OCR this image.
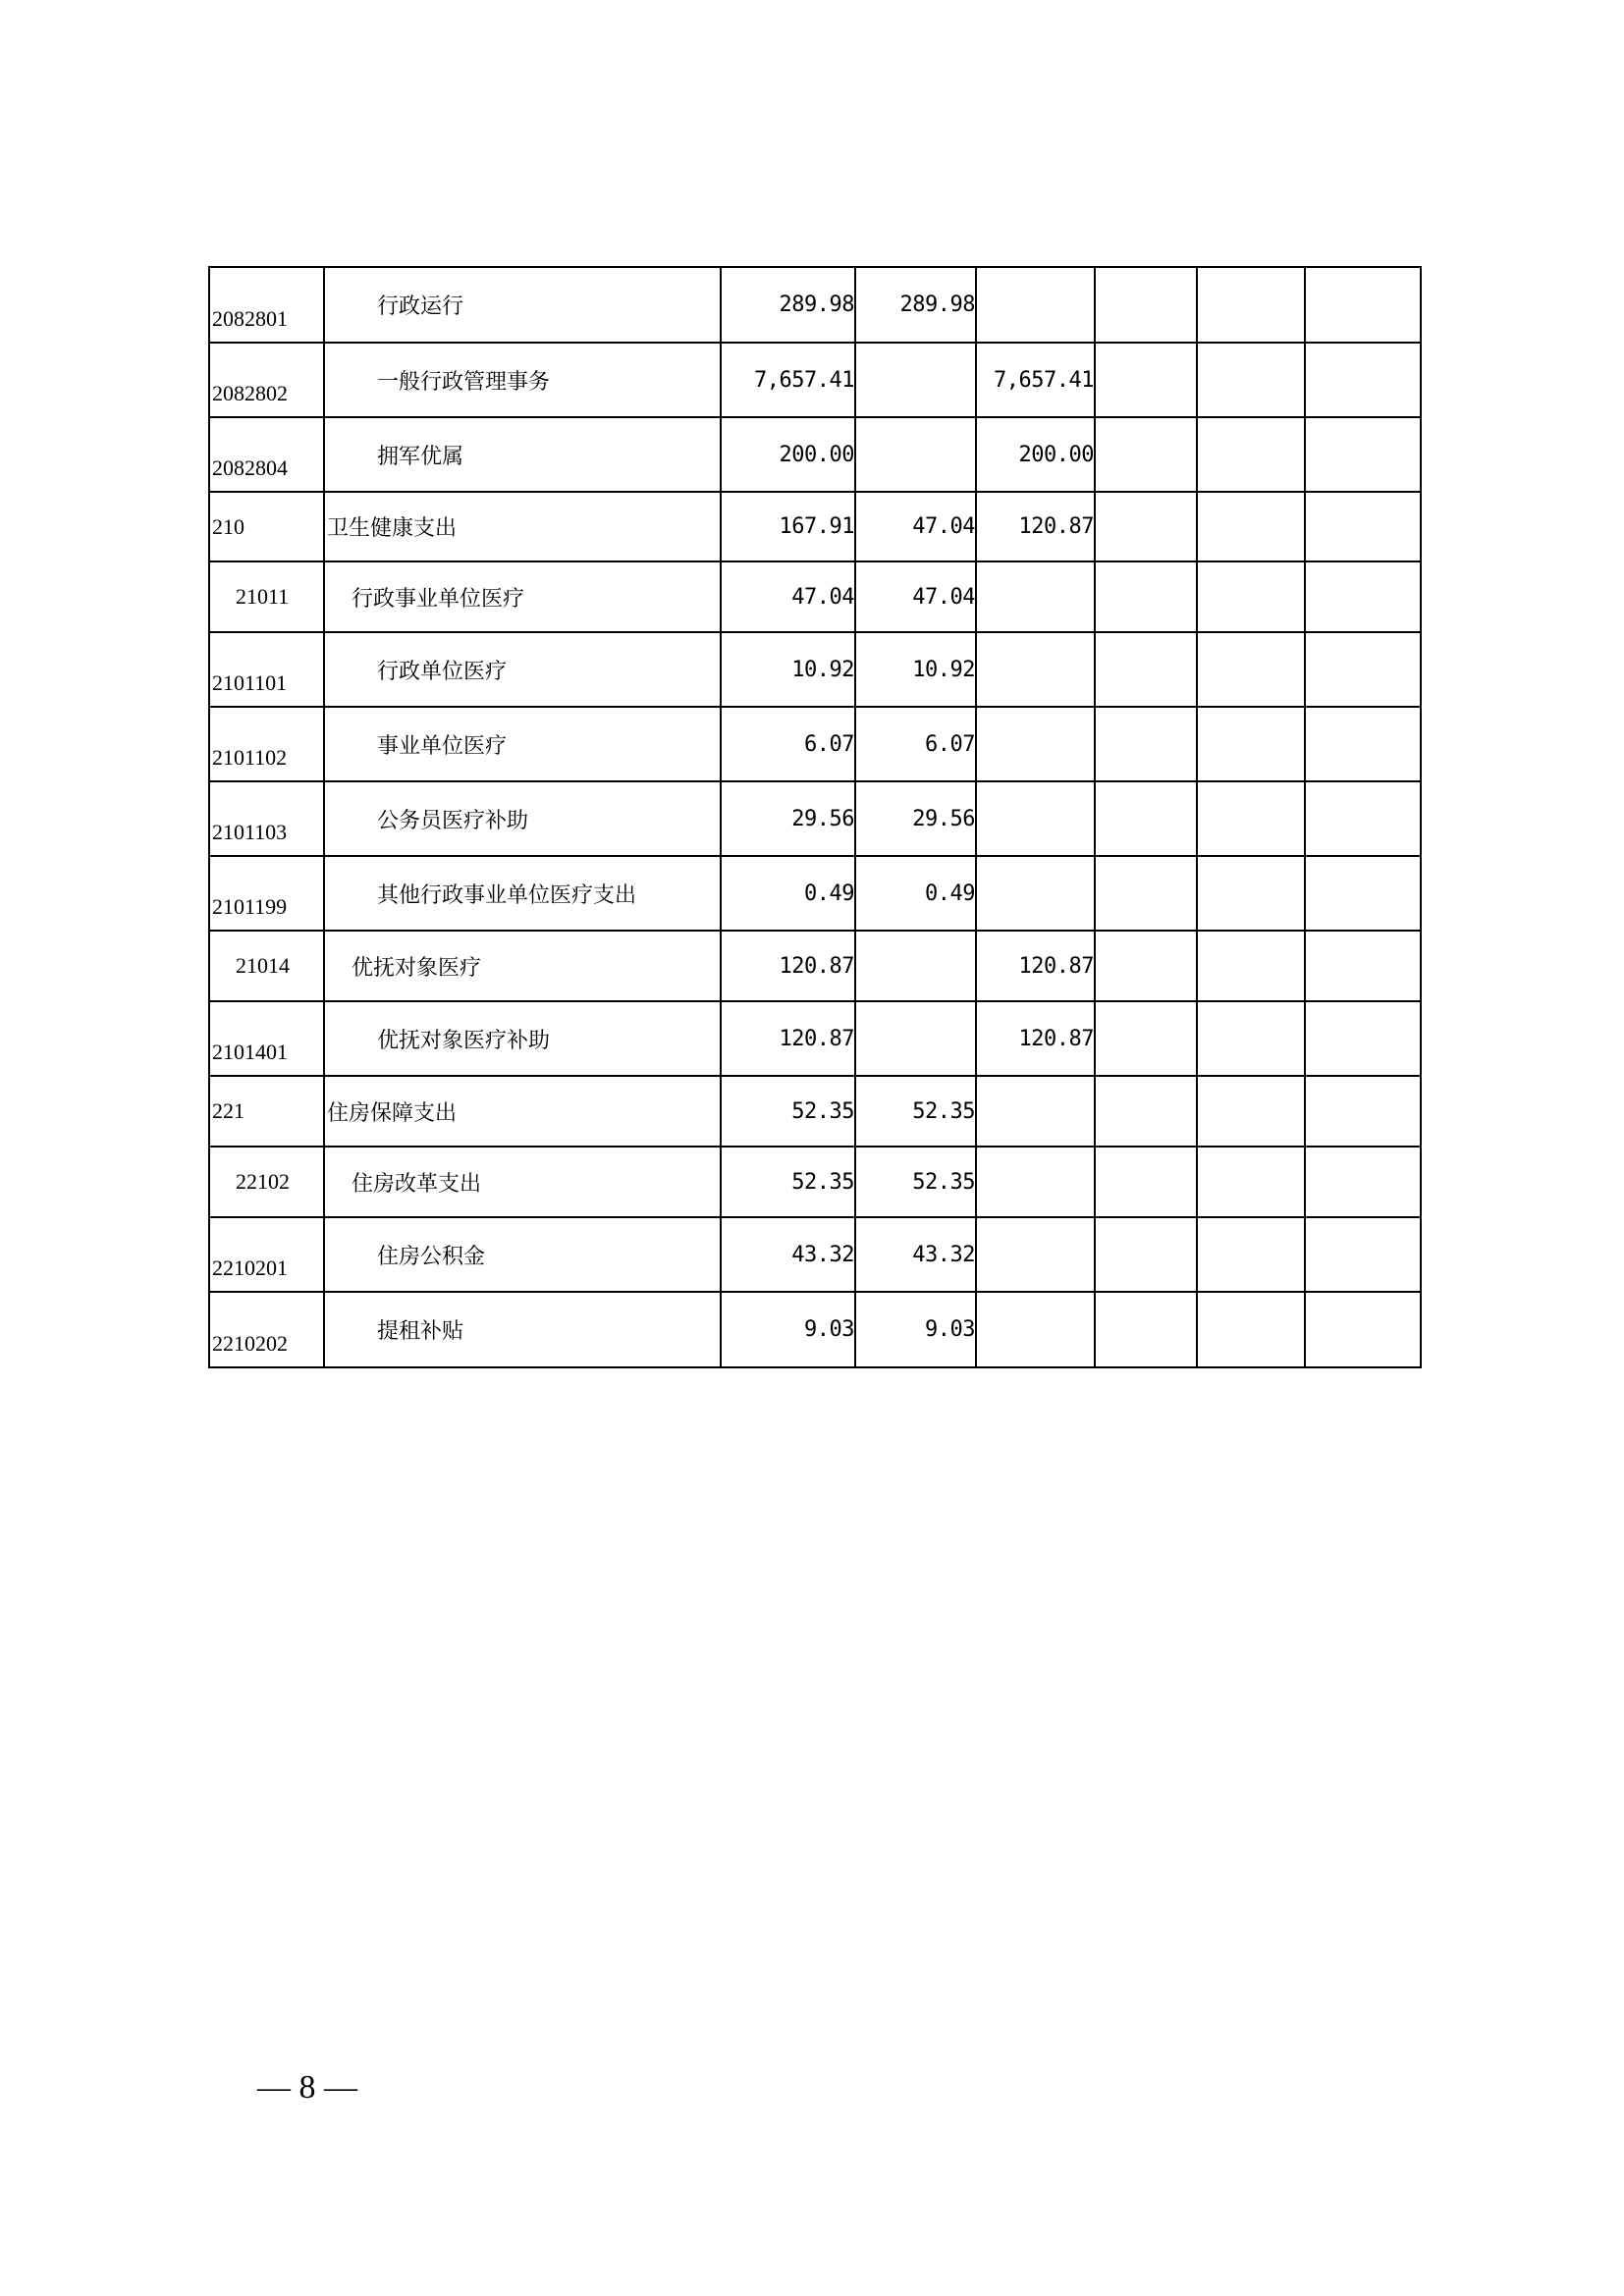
2082801	行政运行	289.98	289.98				
2082802	一般行政管理事务	7,657.41		7,657.41			
2082804	拥军优属	200.00		200.00			
210	卫生健康支出	167.91	47.04	120.87			
21011	行政事业单位医疗	47.04	47.04				
2101101	行政单位医疗	10.92	10.92				
2101102	事业单位医疗	6.07	6.07				
2101103	公务员医疗补助	29.56	29.56				
2101199	其他行政事业单位医疗支出	0.49	0.49				
21014	优抚对象医疗	120.87		120.87			
2101401	优抚对象医疗补助	120.87		120.87			
221	住房保障支出	52.35	52.35				
22102	住房改革支出	52.35	52.35				
2210201	住房公积金	43.32	43.32				
2210202	提租补贴	9.03	9.03				
— 8 —
